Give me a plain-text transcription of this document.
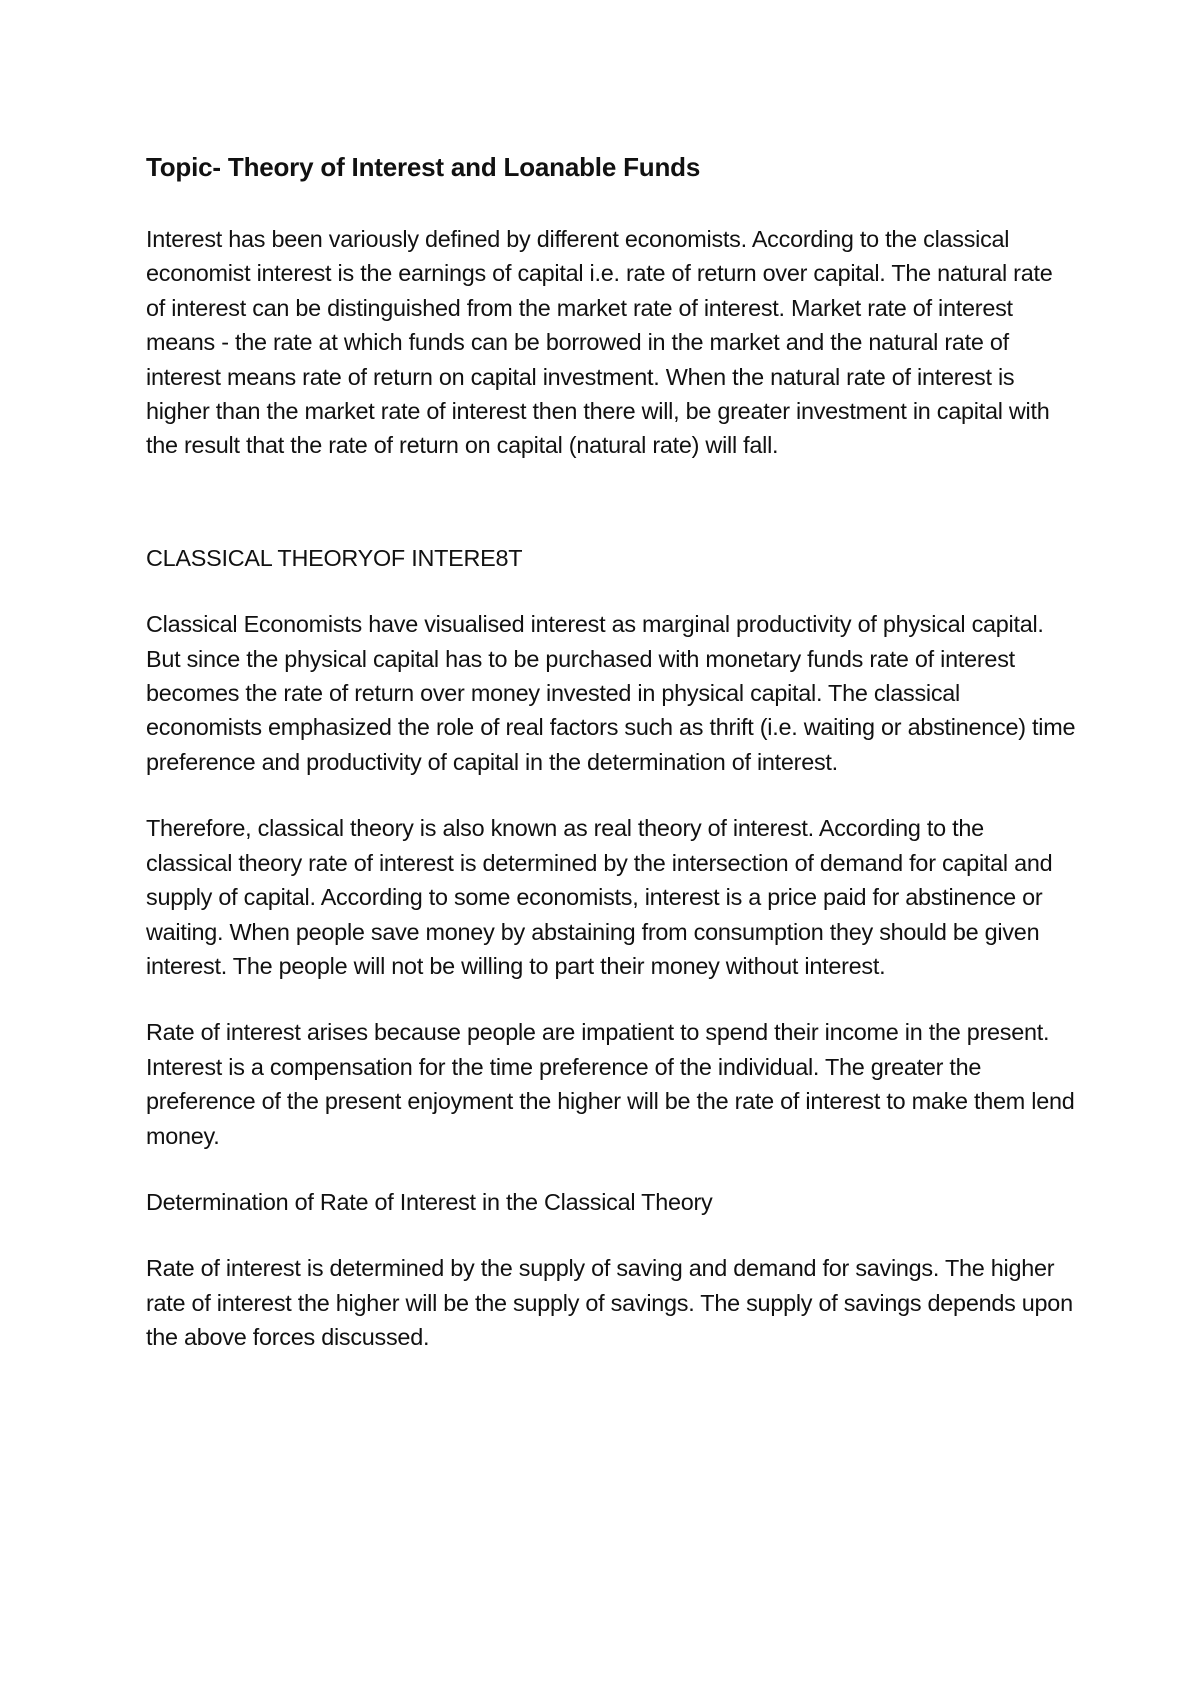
Topic- Theory of Interest and Loanable Funds

Interest has been variously defined by different economists. According to the classical economist interest is the earnings of capital i.e. rate of return over capital. The natural rate of interest can be distinguished from the market rate of interest. Market rate of interest means - the rate at which funds can be borrowed in the market and the natural rate of interest means rate of return on capital investment. When the natural rate of interest is higher than the market rate of interest then there will, be greater investment in capital with the result that the rate of return on capital (natural rate) will fall.

CLASSICAL THEORYOF INTERE8T

Classical Economists have visualised interest as marginal productivity of physical capital. But since the physical capital has to be purchased with monetary funds rate of interest becomes the rate of return over money invested in physical capital. The classical economists emphasized the role of real factors such as thrift (i.e. waiting or abstinence) time preference and productivity of capital in the determination of interest.

Therefore, classical theory is also known as real theory of interest. According to the classical theory rate of interest is determined by the intersection of demand for capital and supply of capital. According to some economists, interest is a price paid for abstinence or waiting. When people save money by abstaining from consumption they should be given interest. The people will not be willing to part their money without interest.

Rate of interest arises because people are impatient to spend their income in the present. Interest is a compensation for the time preference of the individual. The greater the preference of the present enjoyment the higher will be the rate of interest to make them lend money.

Determination of Rate of Interest in the Classical Theory

Rate of interest is determined by the supply of saving and demand for savings. The higher rate of interest the higher will be the supply of savings. The supply of savings depends upon the above forces discussed.
